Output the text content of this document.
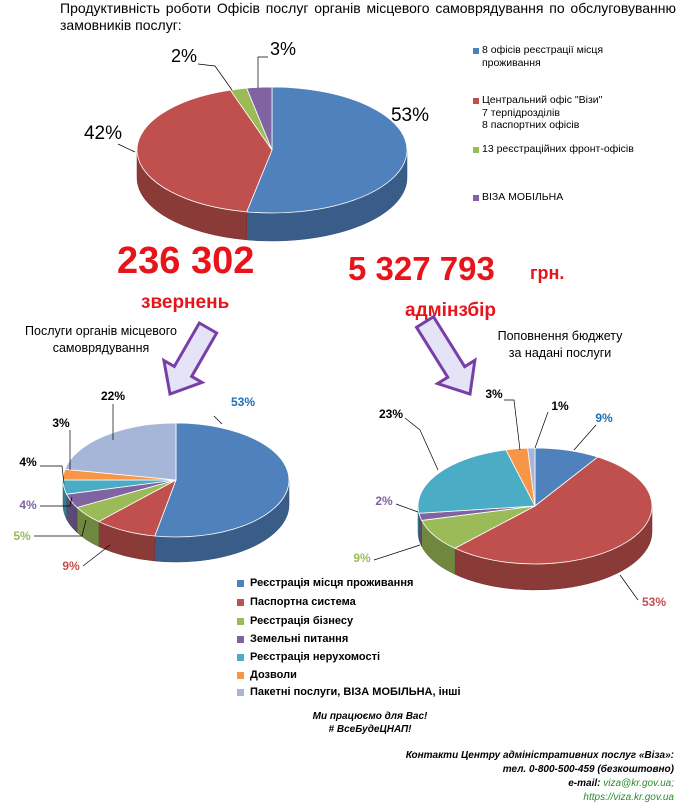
Продуктивність роботи Офісів послуг органів місцевого самоврядування по обслуговуванню замовників послуг:
53%
42%
2%	3%
53%
9%
5%
4%
4%
3%
22%
9%
53%
9%
2%
23%
3%
1%
8 офісів реєстрації місця
проживання
Центральний офіс "Візи"
7 терпідрозділів
8 паспортних офісів
13 реєстраційних фронт-офісів
ВІЗА МОБІЛЬНА
236 302
звернень
5 327 793 грн.
адмінзбір
Послуги органів місцевого самоврядування
Поповнення бюджету за надані послуги
Реєстрація місця проживання
Паспортна система
Реєстрація бізнесу
Земельні питання
Реєстрація нерухомості
Дозволи
Пакетні послуги, ВІЗА МОБІЛЬНА, інші
Ми працюємо для Вас!
# ВсеБудеЦНАП!
Контакти Центру адміністративних послуг «Віза»:
тел. 0-800-500-459 (безкоштовно)
e-mail: viza@kr.gov.ua;
https://viza.kr.gov.ua
